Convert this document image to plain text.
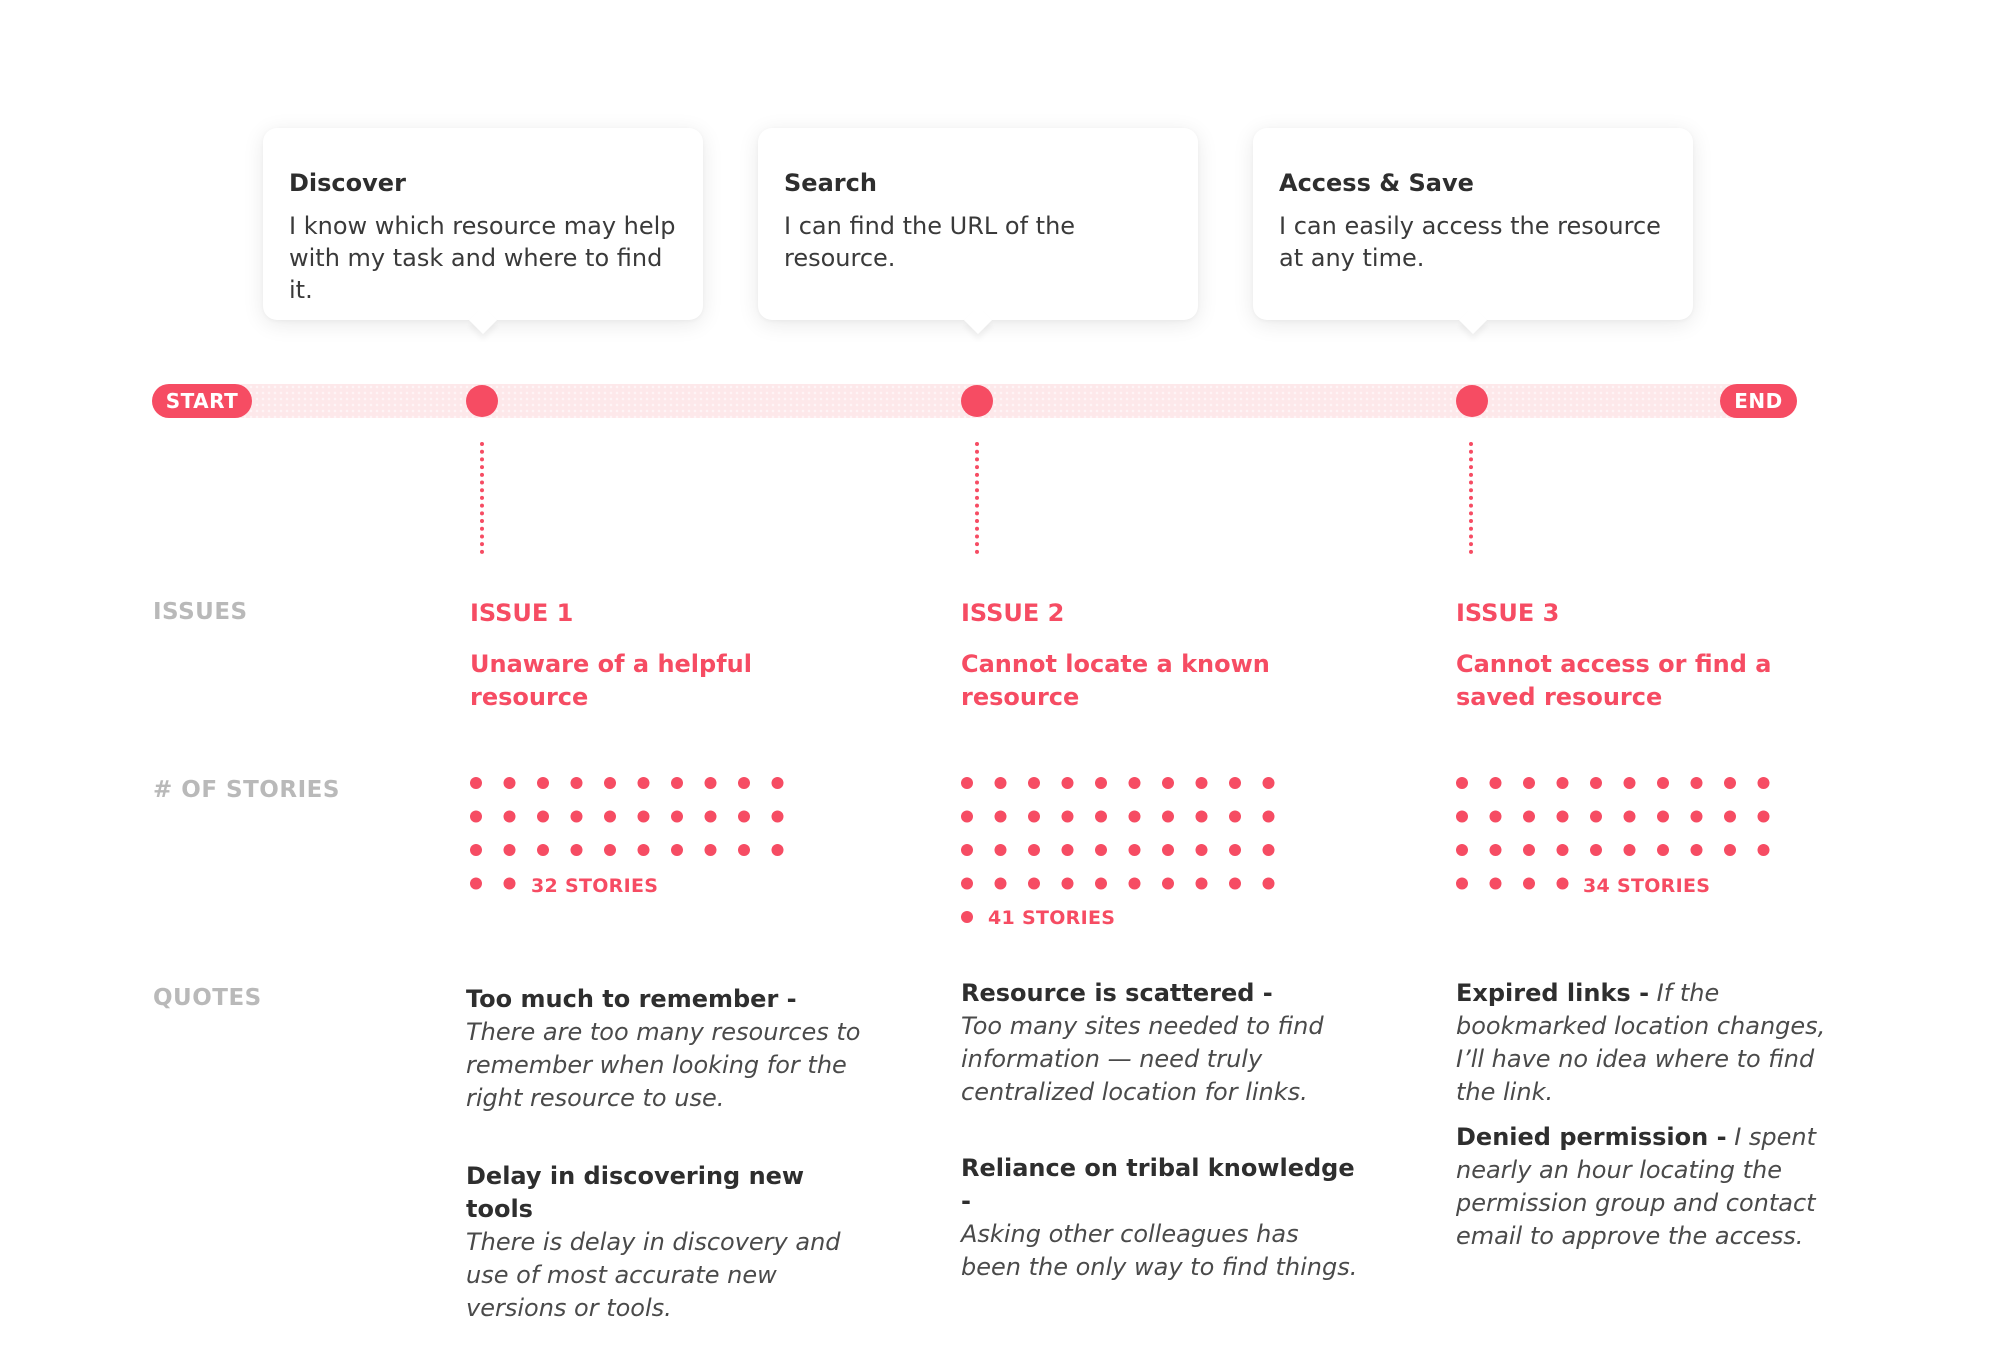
Discover
I know which resource may help with my task and where to find it.
Search
I can find the URL of the resource.
Access & Save
I can easily access the resource at any time.
START	END
ISSUES
# OF STORIES
QUOTES
ISSUE 1
Unaware of a helpful resource
32 STORIES
Too much to remember -
There are too many resources to remember when looking for the right resource to use.
Delay in discovering new tools
There is delay in discovery and use of most accurate new versions or tools.
ISSUE 2
Cannot locate a known resource
41 STORIES
Resource is scattered -
Too many sites needed to find information — need truly centralized location for links.
Reliance on tribal knowledge -
Asking other colleagues has been the only way to find things.
ISSUE 3
Cannot access or find a saved resource
34 STORIES
Expired links - If the bookmarked location changes, I’ll have no idea where to find the link.
Denied permission - I spent nearly an hour locating the permission group and contact email to approve the access.
